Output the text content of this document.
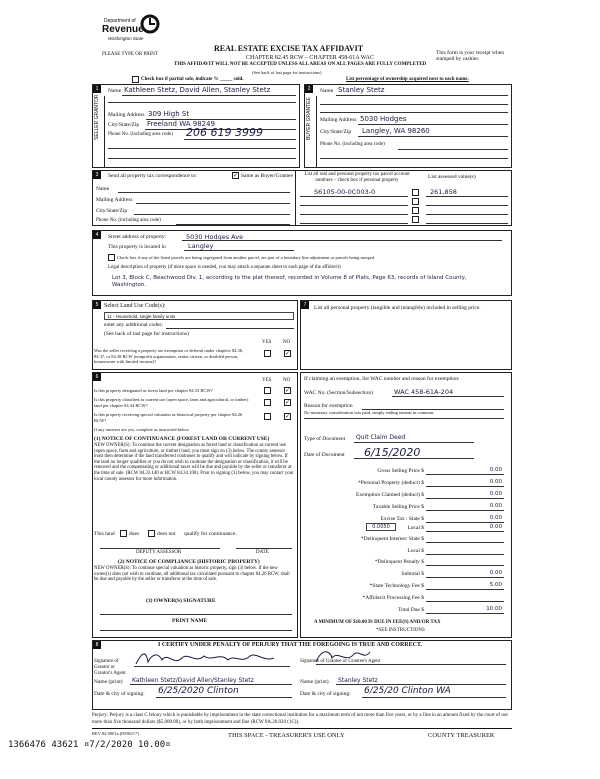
Department of
Revenue
Washington State
PLEASE TYPE OR PRINT
REAL ESTATE EXCISE TAX AFFIDAVIT
CHAPTER 82.45 RCW – CHAPTER 458-61A WAC
THIS AFFIDAVIT WILL NOT BE ACCEPTED UNLESS ALL AREAS ON ALL PAGES ARE FULLY COMPLETED
This form is your receipt when stamped by cashier.
(See back of last page for instructions)
Check box if partial sale, indicate % _____ sold.	List percentage of ownership acquired next to each name.
1	2
SELLER GRANTOR	BUYER GRANTEE
Name Kathleen Stetz, David Allen, Stanley Stetz
Mailing Address 309 High St
City/State/Zip Freeland WA 98249
Phone No. (including area code) 206 619 3999
Name Stanley Stetz
Mailing Address 5030 Hodges
City/State/Zip Langley, WA 98260
Phone No. (including area code)
3	Send all property tax correspondence to:	✓ Same as Buyer/Grantee
Name
Mailing Address
City/State/Zip
Phone No. (including area code)
List all real and personal property tax parcel account numbers – check box if personal property
List assessed value(s)
S6105-00-0C003-0	261,858
4	Street address of property:	5030 Hodges Ave
This property is located in	Langley
Check box if any of the listed parcels are being segregated from another parcel, are part of a boundary line adjustment or parcels being merged.
Legal description of property (if more space is needed, you may attach a separate sheet to each page of the affidavit)
Lot 3, Block C, Beachwood Div. 1, according to the plat thereof, recorded in Volume 8 of Plats, Page 63, records of Island County, Washington.
5 Select Land Use Code(s):
11 - Household, single family units
enter any additional codes:
(See back of last page for instructions)
YES NO
Was the seller receiving a property tax exemption or deferral under chapters 84.36, 84.37, or 84.38 RCW (nonprofit organization, senior citizen, or disabled person, homeowner with limited income)?
✓
7	List all personal property (tangible and intangible) included in selling price.
6
YES NO
Is this property designated as forest land per chapter 84.33 RCW?	✓
Is this property classified as current use (open space, farm and agricultural, or timber) land per chapter 84.34 RCW?	✓
Is this property receiving special valuation as historical property per chapter 84.26 RCW?	✓
If any answers are yes, complete as instructed below.
(1) NOTICE OF CONTINUANCE (FOREST LAND OR CURRENT USE)
NEW OWNER(S): To continue the current designation as forest land or classification as current use (open space, farm and agriculture, or timber) land, you must sign on (3) below. The county assessor must then determine if the land transferred continues to qualify and will indicate by signing below. If the land no longer qualifies or you do not wish to continue the designation or classification, it will be removed and the compensating or additional taxes will be due and payable by the seller or transferor at the time of sale. (RCW 84.33.140 or RCW 84.34.108). Prior to signing (3) below, you may contact your local county assessor for more information.
This land	does	does not qualify for continuance.
DEPUTY ASSESSOR	DATE
(2) NOTICE OF COMPLIANCE (HISTORIC PROPERTY)
NEW OWNER(S): To continue special valuation as historic property, sign (3) below. If the new owner(s) does not wish to continue, all additional tax calculated pursuant to chapter 84.26 RCW, shall be due and payable by the seller or transferor at the time of sale.
(3) OWNER(S) SIGNATURE
PRINT NAME
If claiming an exemption, list WAC number and reason for exemption:
WAC No. (Section/Subsection)	WAC 458-61A-204
Reason for exemption
No monetary consideration was paid, simply ending tenants in common.
Type of Document Quit Claim Deed
Date of Document 6/15/2020
Gross Selling Price $	0.00
*Personal Property (deduct) $	0.00
Exemption Claimed (deduct) $	0.00
Taxable Selling Price $	0.00
Excise Tax : State $	0.00
0.0050	Local $	0.00
*Delinquent Interest: State $
Local $
*Delinquent Penalty $
Subtotal $	0.00
*State Technology Fee $	5.00
*Affidavit Processing Fee $
Total Due $	10.00
A MINIMUM OF $10.00 IS DUE IN FEE(S) AND/OR TAX
*SEE INSTRUCTIONS
8	I CERTIFY UNDER PENALTY OF PERJURY THAT THE FOREGOING IS TRUE AND CORRECT.
Signature of Grantor or Grantor's Agent
Signature of Grantee or Grantee's Agent
Name (print) Kathleen Stetz/David Allen/Stanley Stetz	Name (print) Stanley Stetz
Date & city of signing: 6/25/2020 Clinton	Date & city of signing: 6/25/20 Clinton WA
Perjury: Perjury is a class C felony which is punishable by imprisonment in the state correctional institution for a maximum term of not more than five years, or by a fine in an amount fixed by the court of not more than five thousand dollars ($5,000.00), or by both imprisonment and fine (RCW 9A.20.020 (1C)).
REV 84 0001a (09/06/17)	THIS SPACE - TREASURER'S USE ONLY	COUNTY TREASURER
1366476 43621 ¤7/2/2020 10.00¤
